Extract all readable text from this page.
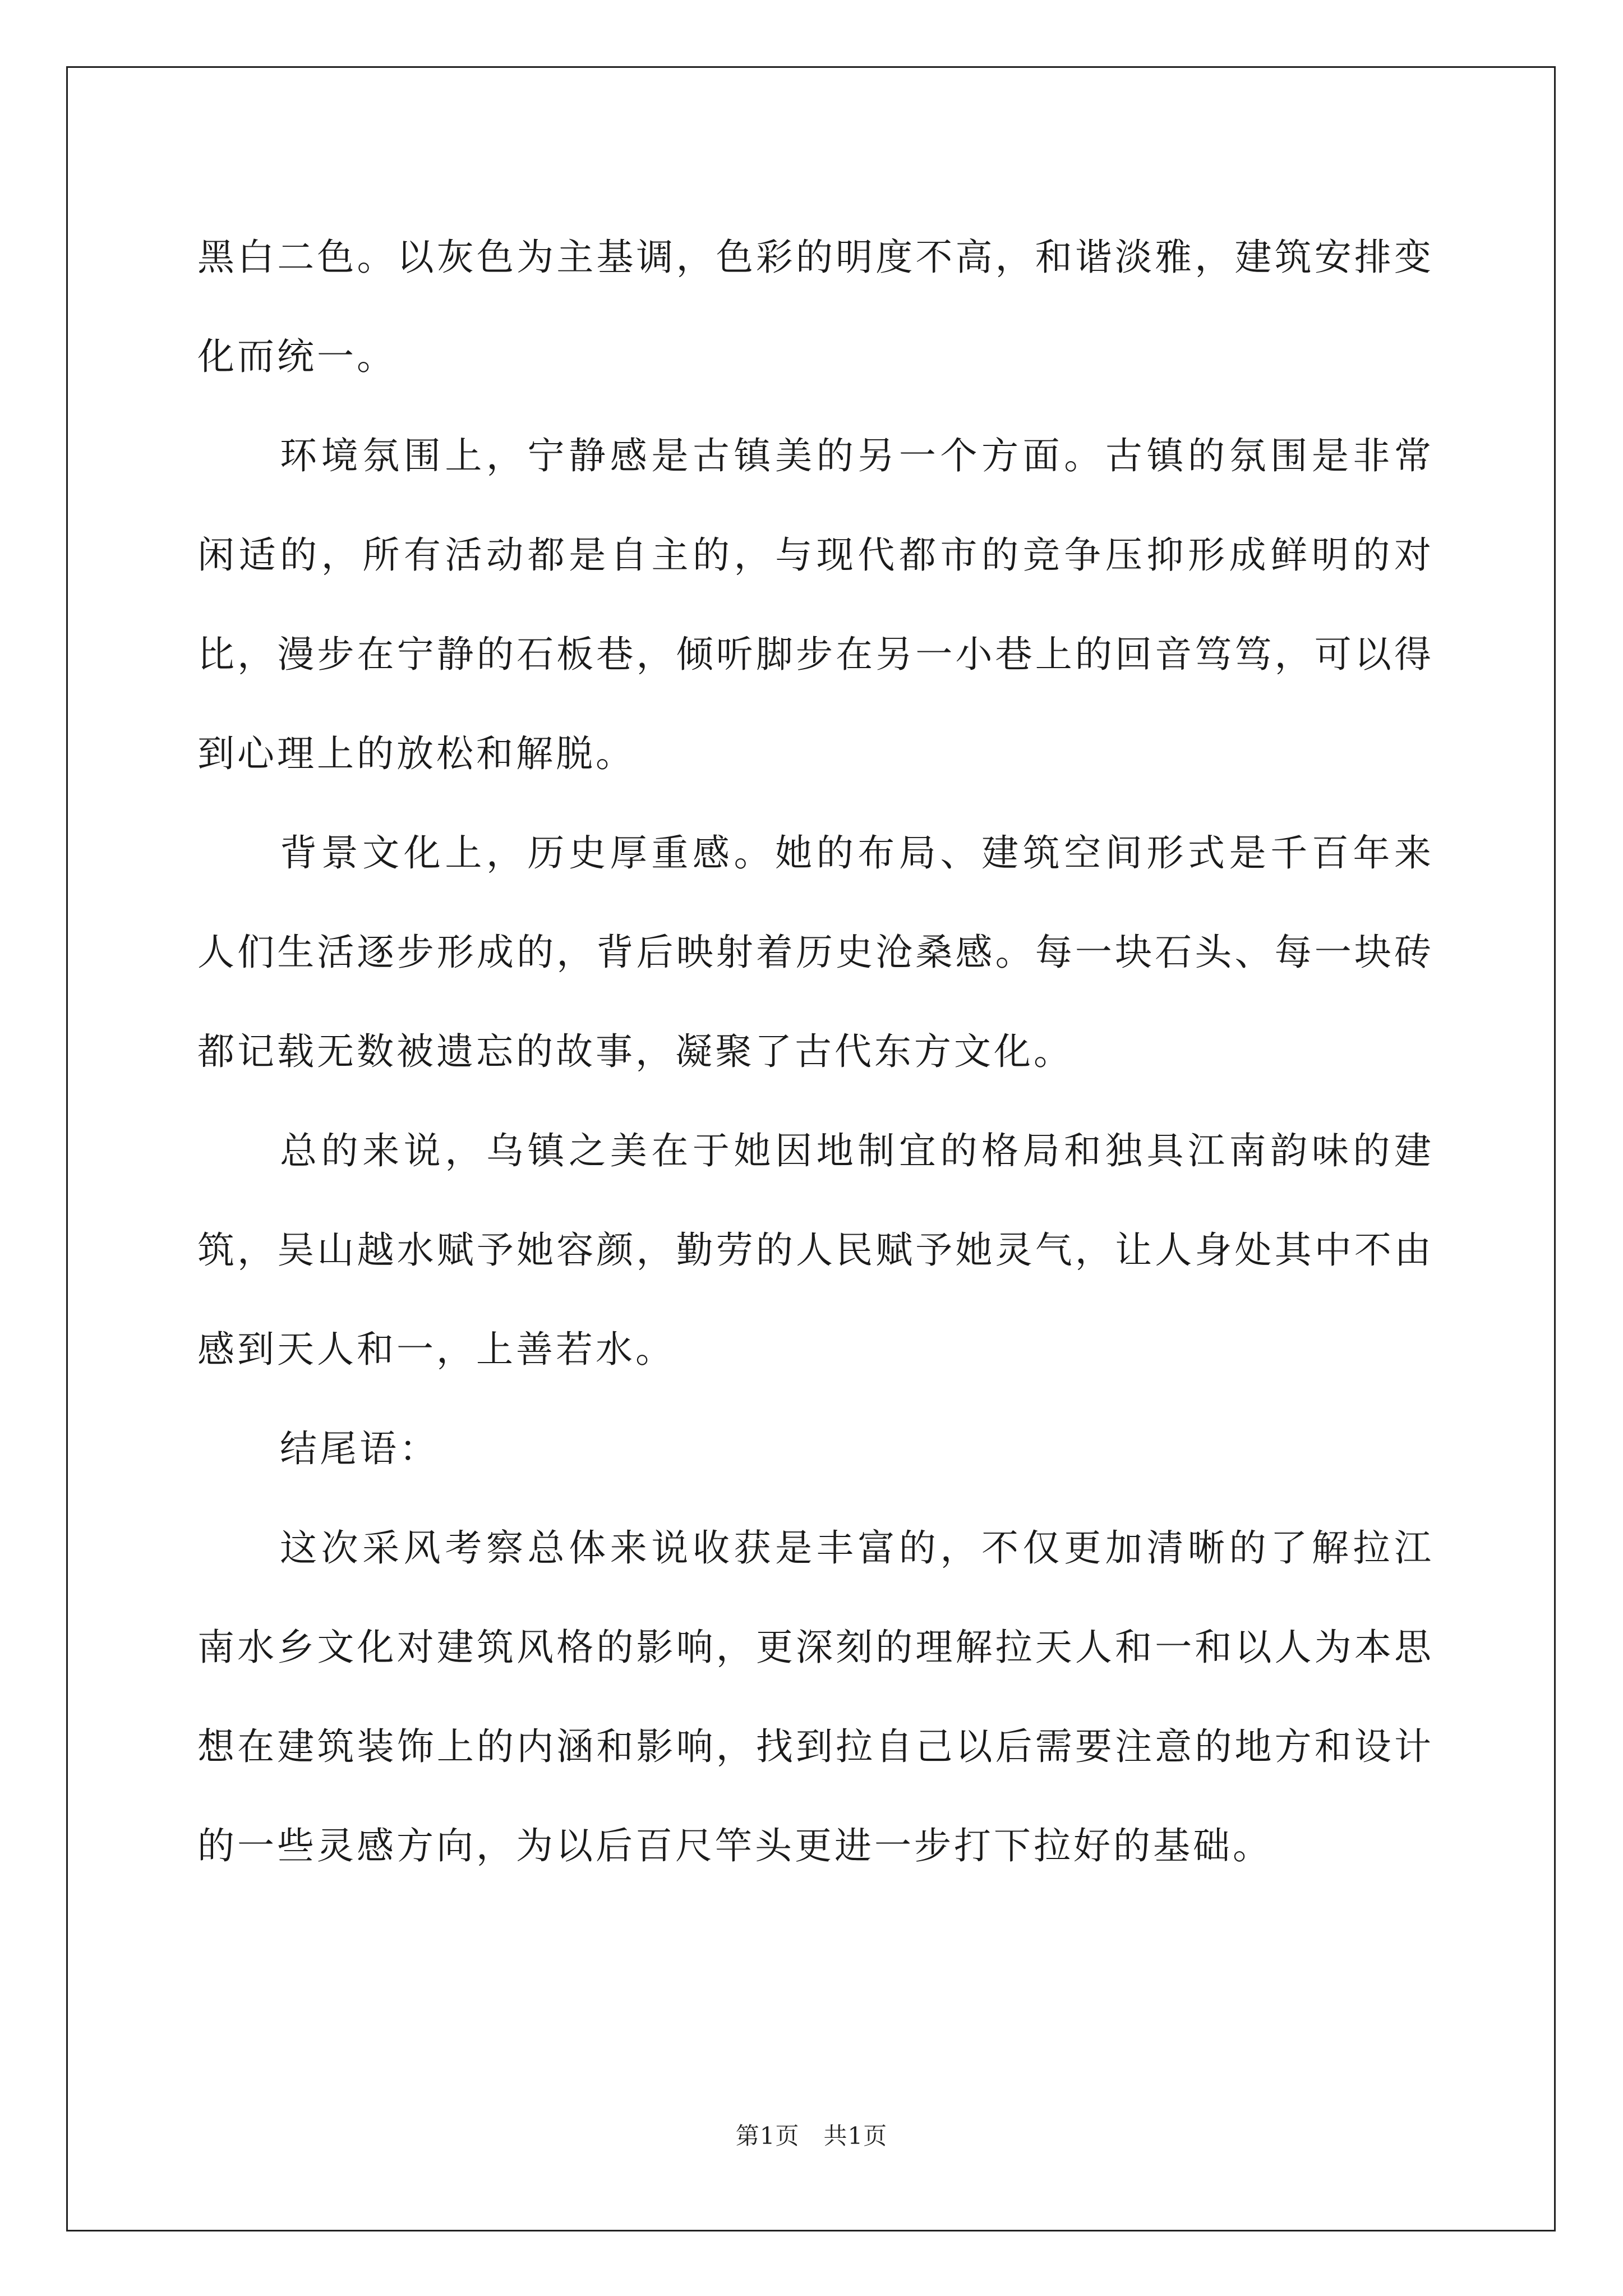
黑白二色。以灰色为主基调，色彩的明度不高，和谐淡雅，建筑安排变化而统一。

环境氛围上，宁静感是古镇美的另一个方面。古镇的氛围是非常闲适的，所有活动都是自主的，与现代都市的竞争压抑形成鲜明的对比，漫步在宁静的石板巷，倾听脚步在另一小巷上的回音笃笃，可以得到心理上的放松和解脱。

背景文化上，历史厚重感。她的布局、建筑空间形式是千百年来人们生活逐步形成的，背后映射着历史沧桑感。每一块石头、每一块砖都记载无数被遗忘的故事，凝聚了古代东方文化。

总的来说，乌镇之美在于她因地制宜的格局和独具江南韵味的建筑，吴山越水赋予她容颜，勤劳的人民赋予她灵气，让人身处其中不由感到天人和一，上善若水。

结尾语：

这次采风考察总体来说收获是丰富的，不仅更加清晰的了解拉江南水乡文化对建筑风格的影响，更深刻的理解拉天人和一和以人为本思想在建筑装饰上的内涵和影响，找到拉自己以后需要注意的地方和设计的一些灵感方向，为以后百尺竿头更进一步打下拉好的基础。

第1页 共1页
